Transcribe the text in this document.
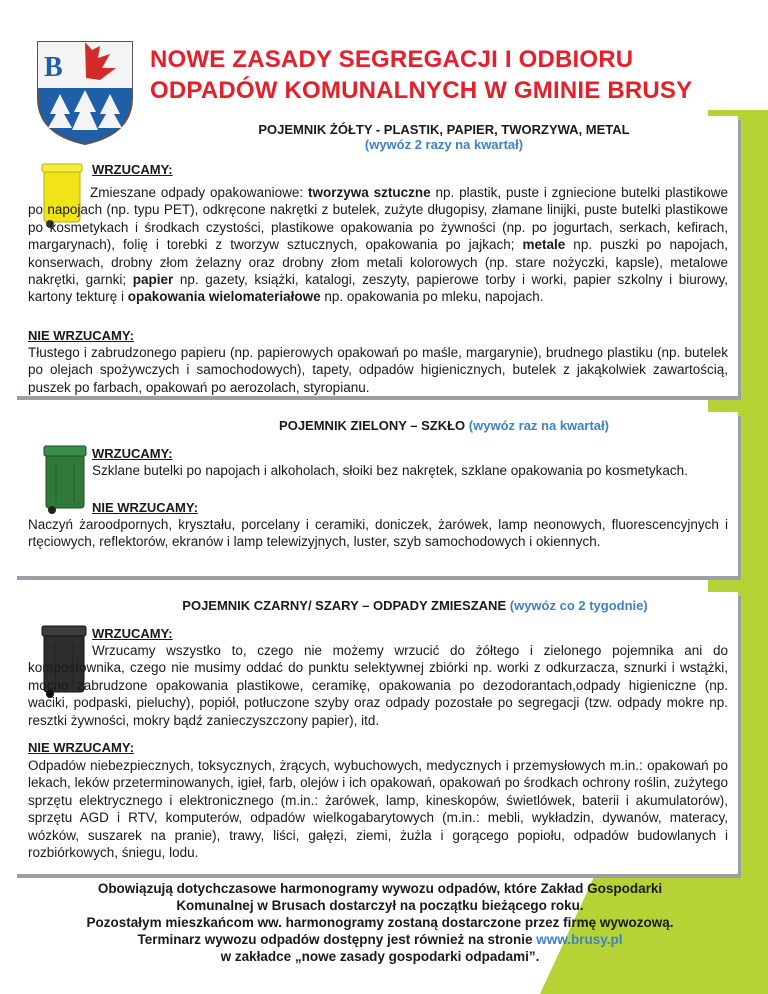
B	NOWE ZASADY SEGREGACJI I ODBIORU
ODPADÓW KOMUNALNYCH W GMINIE BRUSY
POJEMNIK ŻÓŁTY - PLASTIK, PAPIER, TWORZYWA, METAL
(wywóz 2 razy na kwartał)
WRZUCAMY:
Zmieszane odpady opakowaniowe: tworzywa sztuczne np. plastik, puste i zgniecione butelki plastikowe po napojach (np. typu PET), odkręcone nakrętki z butelek, zużyte długopisy, złamane linijki, puste butelki plastikowe po kosmetykach i środkach czystości, plastikowe opakowania po żywności (np. po jogurtach, serkach, kefirach, margarynach), folię i torebki z tworzyw sztucznych, opakowania po jajkach; metale np. puszki po napojach, konserwach, drobny złom żelazny oraz drobny złom metali kolorowych (np. stare nożyczki, kapsle), metalowe nakrętki, garnki; papier np. gazety, książki, katalogi, zeszyty, papierowe torby i worki, papier szkolny i biurowy, kartony tekturę i opakowania wielomateriałowe np. opakowania po mleku, napojach.
NIE WRZUCAMY:
Tłustego i zabrudzonego papieru (np. papierowych opakowań po maśle, margarynie), brudnego plastiku (np. butelek po olejach spożywczych i samochodowych), tapety, odpadów higienicznych, butelek z jakąkolwiek zawartością, puszek po farbach, opakowań po aerozolach, styropianu.
POJEMNIK ZIELONY – SZKŁO (wywóz raz na kwartał)
WRZUCAMY:
Szklane butelki po napojach i alkoholach, słoiki bez nakrętek, szklane opakowania po kosmetykach.
NIE WRZUCAMY:
Naczyń żaroodpornych, kryształu, porcelany i ceramiki, doniczek, żarówek, lamp neonowych, fluorescencyjnych i rtęciowych, reflektorów, ekranów i lamp telewizyjnych, luster, szyb samochodowych i okiennych.
POJEMNIK CZARNY/ SZARY – ODPADY ZMIESZANE (wywóz co 2 tygodnie)
WRZUCAMY:
Wrzucamy wszystko to, czego nie możemy wrzucić do żółtego i zielonego pojemnika ani do kompostownika, czego nie musimy oddać do punktu selektywnej zbiórki np. worki z odkurzacza, sznurki i wstążki, mocno zabrudzone opakowania plastikowe, ceramikę, opakowania po dezodorantach,odpady higieniczne (np. waciki, podpaski, pieluchy), popiół, potłuczone szyby oraz odpady pozostałe po segregacji (tzw. odpady mokre np. resztki żywności, mokry bądź zanieczyszczony papier), itd.
NIE WRZUCAMY:
Odpadów niebezpiecznych, toksycznych, żrących, wybuchowych, medycznych i przemysłowych m.in.: opakowań po lekach, leków przeterminowanych, igieł, farb, olejów i ich opakowań, opakowań po środkach ochrony roślin, zużytego sprzętu elektrycznego i elektronicznego (m.in.: żarówek, lamp, kineskopów, świetlówek, baterii i akumulatorów), sprzętu AGD i RTV, komputerów, odpadów wielkogabarytowych (m.in.: mebli, wykładzin, dywanów, materacy, wózków, suszarek na pranie), trawy, liści, gałęzi, ziemi, żużla i gorącego popiołu, odpadów budowlanych i rozbiórkowych, śniegu, lodu.
Obowiązują dotychczasowe harmonogramy wywozu odpadów, które Zakład Gospodarki
Komunalnej w Brusach dostarczył na początku bieżącego roku.
Pozostałym mieszkańcom ww. harmonogramy zostaną dostarczone przez firmę wywozową.
Terminarz wywozu odpadów dostępny jest również na stronie www.brusy.pl
w zakładce „nowe zasady gospodarki odpadami”.
